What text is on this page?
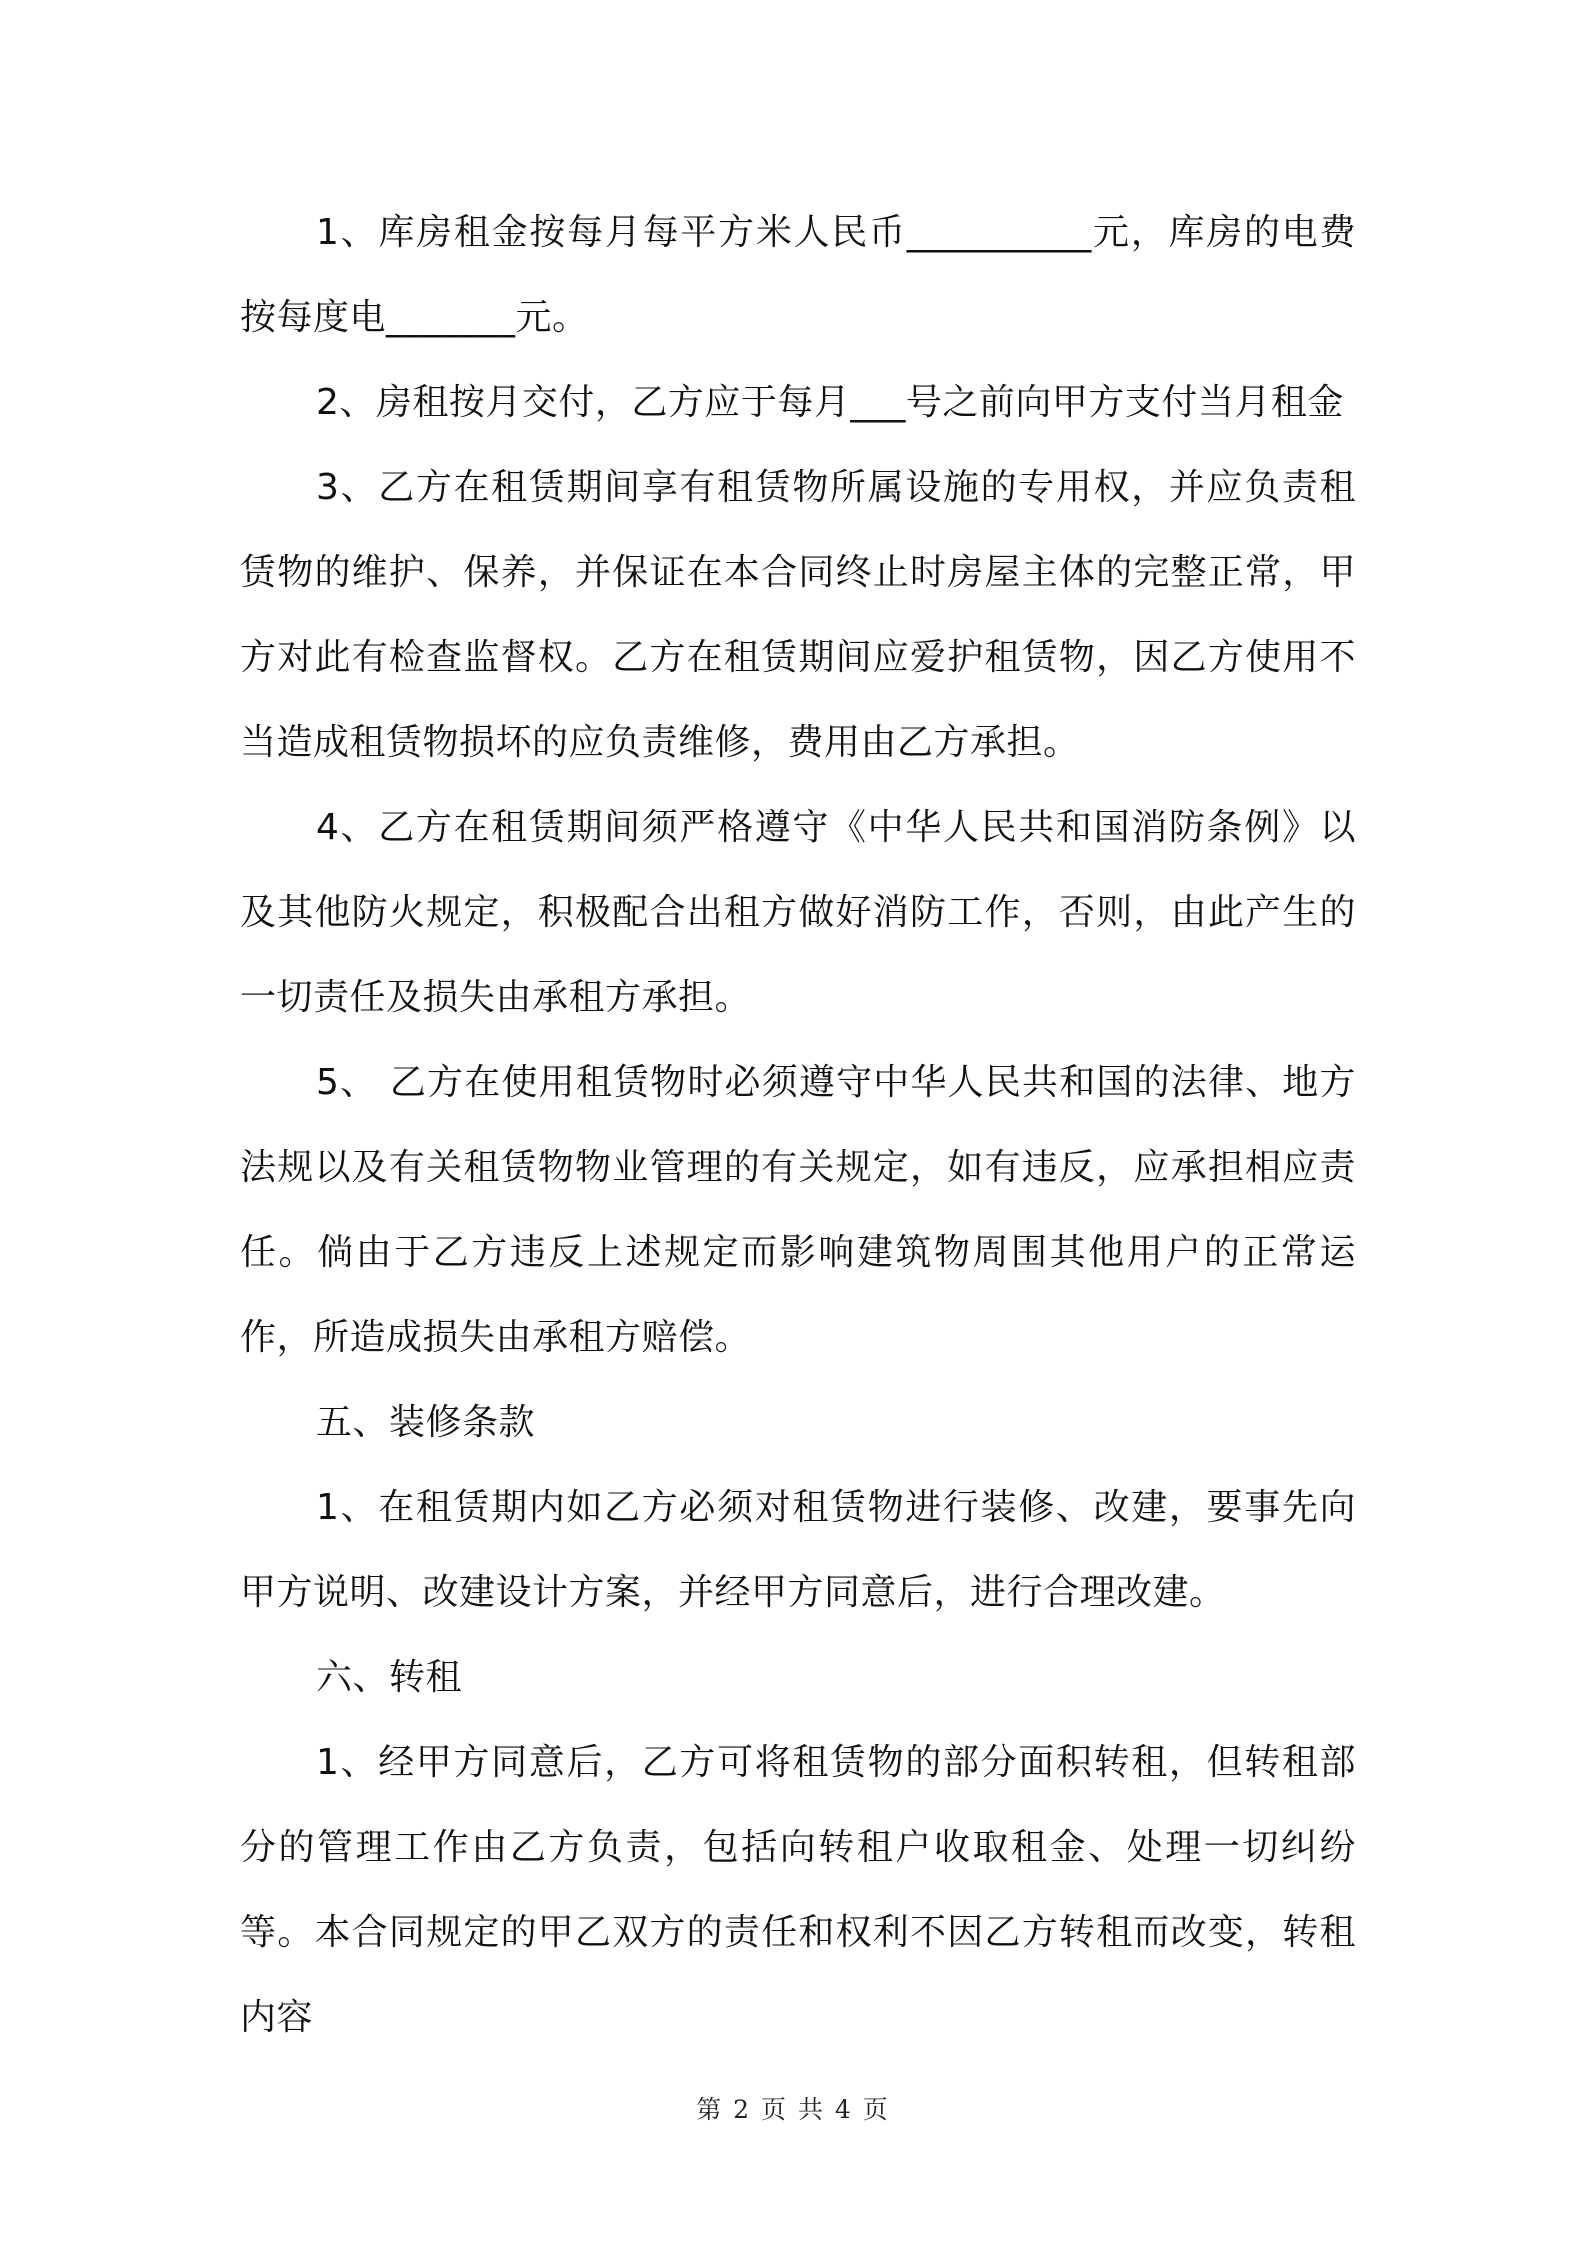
1、库房租金按每月每平方米人民币__________元，库房的电费按每度电_______元。

2、房租按月交付，乙方应于每月___号之前向甲方支付当月租金

3、乙方在租赁期间享有租赁物所属设施的专用权，并应负责租赁物的维护、保养，并保证在本合同终止时房屋主体的完整正常，甲方对此有检查监督权。乙方在租赁期间应爱护租赁物，因乙方使用不当造成租赁物损坏的应负责维修，费用由乙方承担。

4、乙方在租赁期间须严格遵守《中华人民共和国消防条例》以及其他防火规定，积极配合出租方做好消防工作，否则，由此产生的一切责任及损失由承租方承担。

5、 乙方在使用租赁物时必须遵守中华人民共和国的法律、地方法规以及有关租赁物物业管理的有关规定，如有违反，应承担相应责任。倘由于乙方违反上述规定而影响建筑物周围其他用户的正常运作，所造成损失由承租方赔偿。

五、装修条款

1、在租赁期内如乙方必须对租赁物进行装修、改建，要事先向甲方说明、改建设计方案，并经甲方同意后，进行合理改建。

六、转租

1、经甲方同意后，乙方可将租赁物的部分面积转租，但转租部分的管理工作由乙方负责，包括向转租户收取租金、处理一切纠纷等。本合同规定的甲乙双方的责任和权利不因乙方转租而改变，转租内容

第 2 页 共 4 页
